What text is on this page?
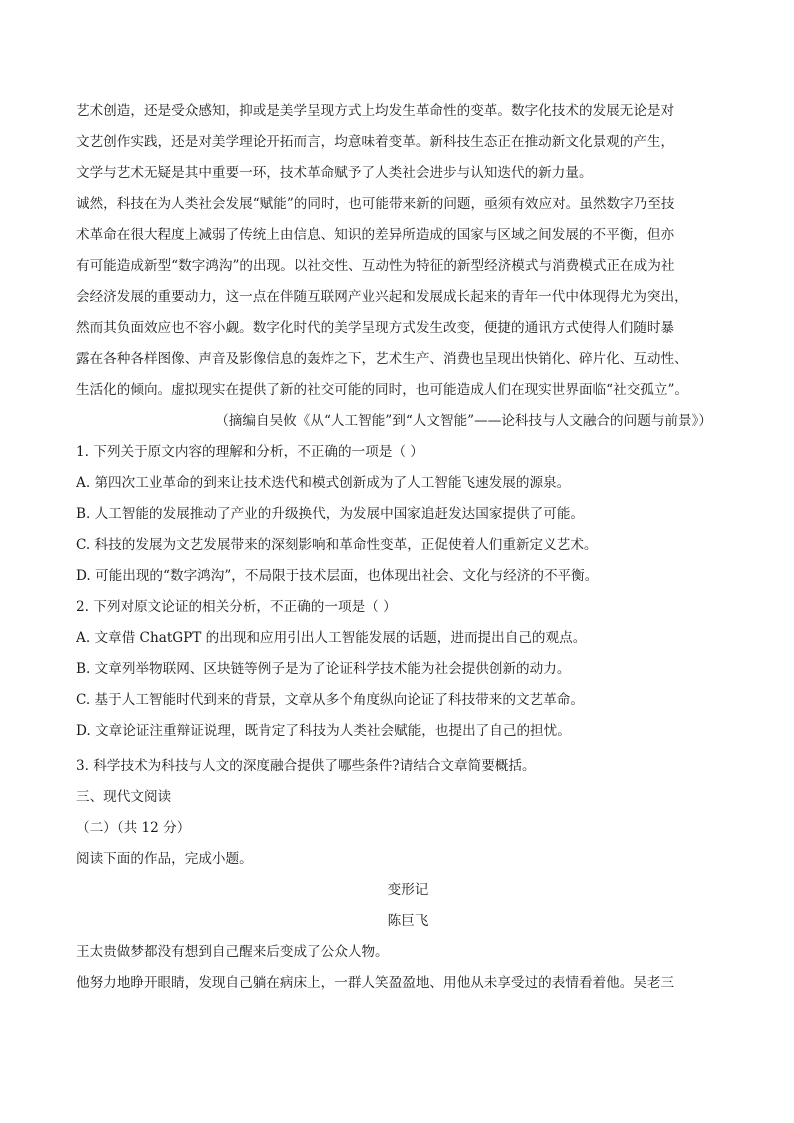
艺术创造，还是受众感知，抑或是美学呈现方式上均发生革命性的变革。数字化技术的发展无论是对
文艺创作实践，还是对美学理论开拓而言，均意味着变革。新科技生态正在推动新文化景观的产生，
文学与艺术无疑是其中重要一环，技术革命赋予了人类社会进步与认知迭代的新力量。
诚然，科技在为人类社会发展“赋能”的同时，也可能带来新的问题，亟须有效应对。虽然数字乃至技
术革命在很大程度上减弱了传统上由信息、知识的差异所造成的国家与区域之间发展的不平衡，但亦
有可能造成新型“数字鸿沟”的出现。以社交性、互动性为特征的新型经济模式与消费模式正在成为社
会经济发展的重要动力，这一点在伴随互联网产业兴起和发展成长起来的青年一代中体现得尤为突出，
然而其负面效应也不容小觑。数字化时代的美学呈现方式发生改变，便捷的通讯方式使得人们随时暴
露在各种各样图像、声音及影像信息的轰炸之下，艺术生产、消费也呈现出快销化、碎片化、互动性、
生活化的倾向。虚拟现实在提供了新的社交可能的同时，也可能造成人们在现实世界面临“社交孤立”。
（摘编自吴攸《从“人工智能”到“人文智能”——论科技与人文融合的问题与前景》）
1. 下列关于原文内容的理解和分析，不正确的一项是（ ）
A. 第四次工业革命的到来让技术迭代和模式创新成为了人工智能飞速发展的源泉。
B. 人工智能的发展推动了产业的升级换代，为发展中国家追赶发达国家提供了可能。
C. 科技的发展为文艺发展带来的深刻影响和革命性变革，正促使着人们重新定义艺术。
D. 可能出现的“数字鸿沟”，不局限于技术层面，也体现出社会、文化与经济的不平衡。
2. 下列对原文论证的相关分析，不正确的一项是（ ）
A. 文章借 ChatGPT 的出现和应用引出人工智能发展的话题，进而提出自己的观点。
B. 文章列举物联网、区块链等例子是为了论证科学技术能为社会提供创新的动力。
C. 基于人工智能时代到来的背景，文章从多个角度纵向论证了科技带来的文艺革命。
D. 文章论证注重辩证说理，既肯定了科技为人类社会赋能，也提出了自己的担忧。
3. 科学技术为科技与人文的深度融合提供了哪些条件?请结合文章简要概括。
三、现代文阅读
（二）（共 12 分）
阅读下面的作品，完成小题。
变形记
陈巨飞
王太贵做梦都没有想到自己醒来后变成了公众人物。
他努力地睁开眼睛，发现自己躺在病床上，一群人笑盈盈地、用他从未享受过的表情看着他。吴老三
